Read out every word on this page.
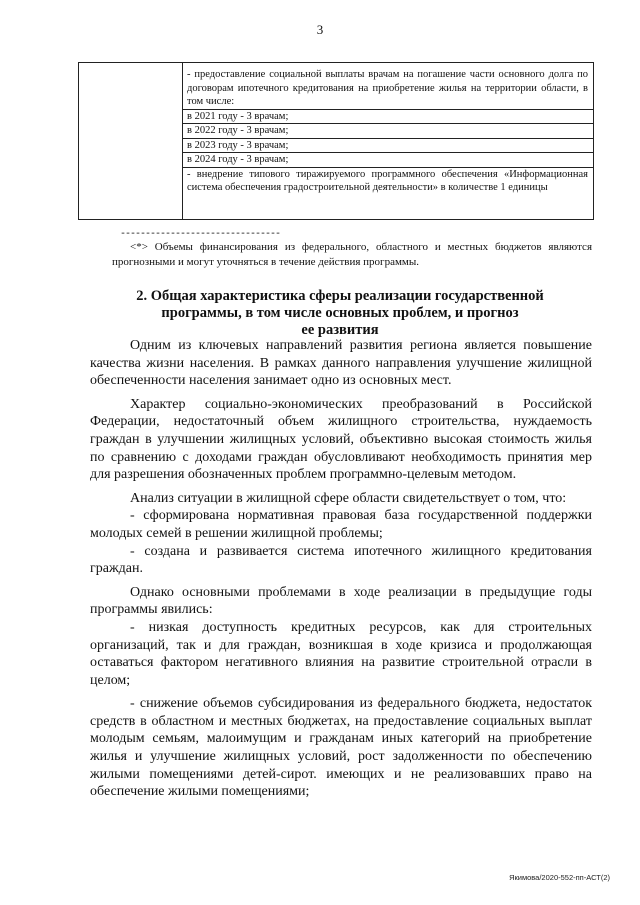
3
- предоставление социальной выплаты врачам на погашение части основного долга по договорам ипотечного кредитования на приобретение жилья на территории области, в том числе:
в 2021 году - 3 врачам;
в 2022 году - 3 врачам;
в 2023 году - 3 врачам;
в 2024 году - 3 врачам;
- внедрение типового тиражируемого программного обеспечения «Информационная система обеспечения градостроительной деятельности» в количестве 1 единицы
--------------------------------
<*> Объемы финансирования из федерального, областного и местных бюджетов являются прогнозными и могут уточняться в течение действия программы.
2. Общая характеристика сферы реализации государственной
программы, в том числе основных проблем, и прогноз
ее развития

Одним из ключевых направлений развития региона является повышение качества жизни населения. В рамках данного направления улучшение жилищной обеспеченности населения занимает одно из основных мест.

Характер социально-экономических преобразований в Российской Федерации, недостаточный объем жилищного строительства, нуждаемость граждан в улучшении жилищных условий, объективно высокая стоимость жилья по сравнению с доходами граждан обусловливают необходимость принятия мер для разрешения обозначенных проблем программно-целевым методом.

Анализ ситуации в жилищной сфере области свидетельствует о том, что:

- сформирована нормативная правовая база государственной поддержки молодых семей в решении жилищной проблемы;

- создана и развивается система ипотечного жилищного кредитования граждан.

Однако основными проблемами в ходе реализации в предыдущие годы программы явились:

- низкая доступность кредитных ресурсов, как для строительных организаций, так и для граждан, возникшая в ходе кризиса и продолжающая оставаться фактором негативного влияния на развитие строительной отрасли в целом;

- снижение объемов субсидирования из федерального бюджета, недостаток средств в областном и местных бюджетах, на предоставление социальных выплат молодым семьям, малоимущим и гражданам иных категорий на приобретение жилья и улучшение жилищных условий, рост задолженности по обеспечению жилыми помещениями детей-сирот. имеющих и не реализовавших право на обеспечение жилыми помещениями;

Якимова/2020-552-пп-АСТ(2)
